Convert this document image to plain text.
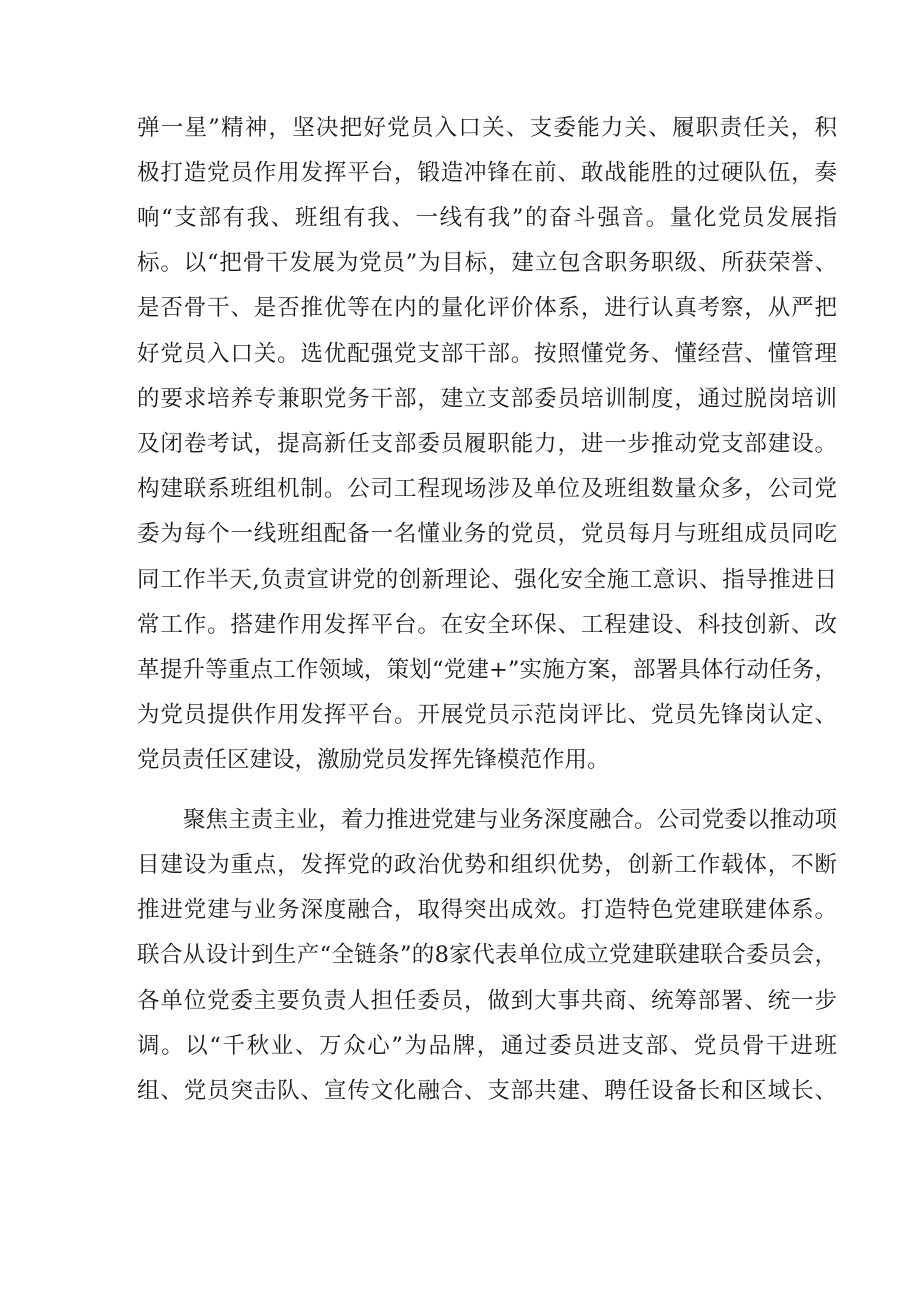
弹一星”精神，坚决把好党员入口关、支委能力关、履职责任关，积
极打造党员作用发挥平台，锻造冲锋在前、敢战能胜的过硬队伍，奏
响“支部有我、班组有我、一线有我”的奋斗强音。量化党员发展指
标。以“把骨干发展为党员”为目标，建立包含职务职级、所获荣誉、
是否骨干、是否推优等在内的量化评价体系，进行认真考察，从严把
好党员入口关。选优配强党支部干部。按照懂党务、懂经营、懂管理
的要求培养专兼职党务干部，建立支部委员培训制度，通过脱岗培训
及闭卷考试，提高新任支部委员履职能力，进一步推动党支部建设。
构建联系班组机制。公司工程现场涉及单位及班组数量众多，公司党
委为每个一线班组配备一名懂业务的党员，党员每月与班组成员同吃
同工作半天,负责宣讲党的创新理论、强化安全施工意识、指导推进日
常工作。搭建作用发挥平台。在安全环保、工程建设、科技创新、改
革提升等重点工作领域，策划“党建+”实施方案，部署具体行动任务，
为党员提供作用发挥平台。开展党员示范岗评比、党员先锋岗认定、
党员责任区建设，激励党员发挥先锋模范作用。
聚焦主责主业，着力推进党建与业务深度融合。公司党委以推动项
目建设为重点，发挥党的政治优势和组织优势，创新工作载体，不断
推进党建与业务深度融合，取得突出成效。打造特色党建联建体系。
联合从设计到生产“全链条”的8家代表单位成立党建联建联合委员会，
各单位党委主要负责人担任委员，做到大事共商、统筹部署、统一步
调。以“千秋业、万众心”为品牌，通过委员进支部、党员骨干进班
组、党员突击队、宣传文化融合、支部共建、聘任设备长和区域长、
